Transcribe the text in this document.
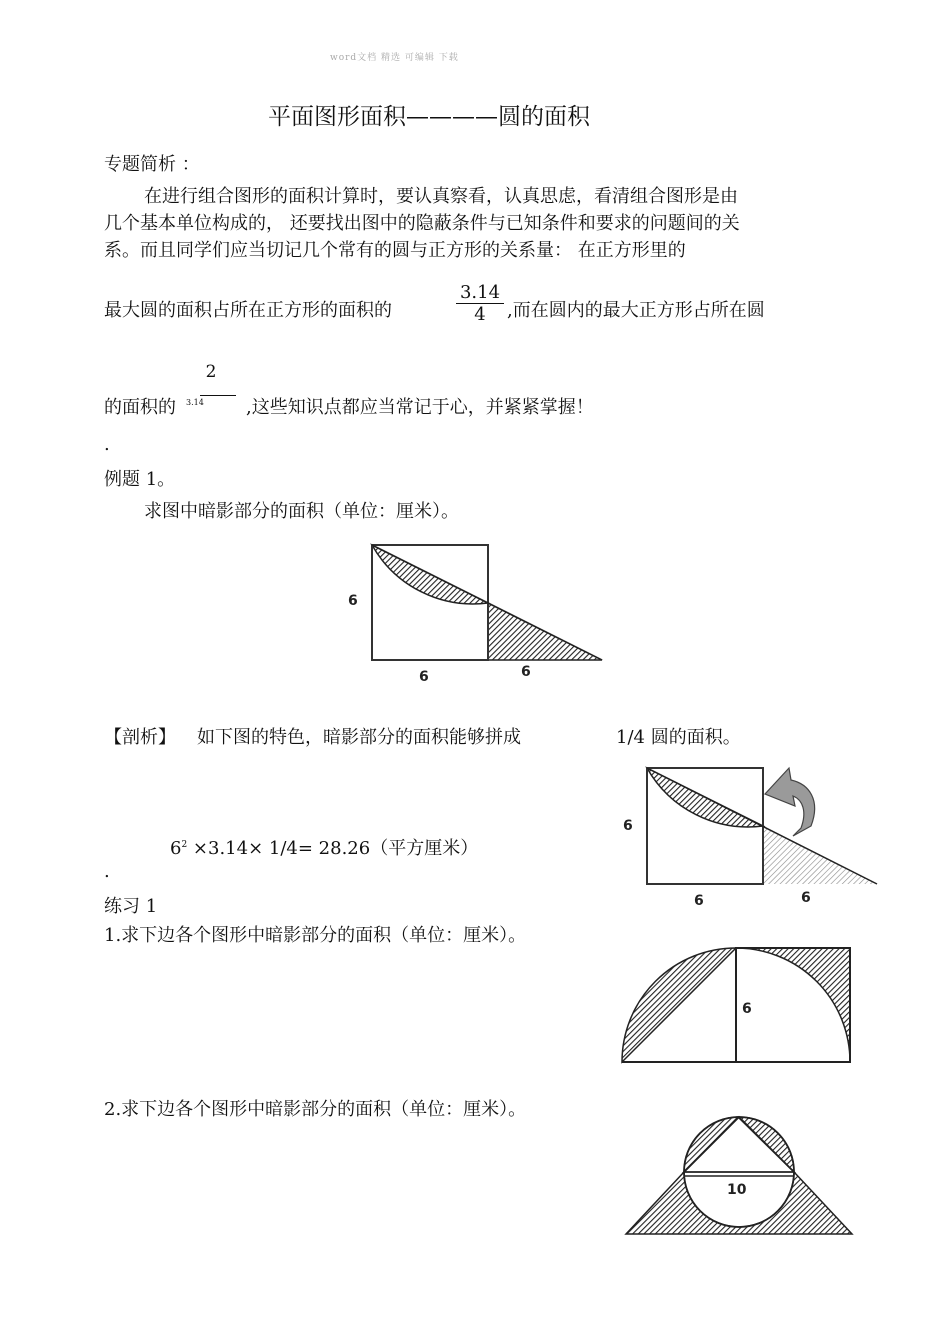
word文档 精选 可编辑 下载
平面图形面积————圆的面积
专题简析 ：
在进行组合图形的面积计算时，要认真察看，认真思虑，看清组合图形是由
几个基本单位构成的， 还要找出图中的隐蔽条件与已知条件和要求的问题间的关
系。而且同学们应当切记几个常有的圆与正方形的关系量： 在正方形里的
最大圆的面积占所在正方形的面积的
3.14
4	,而在圆内的最大正方形占所在圆
2
3.14
的面积的	,这些知识点都应当常记于心，并紧紧掌握！
.
例题 1。
求图中暗影部分的面积（单位：厘米）。
6
6	6
【剖析】 如下图的特色，暗影部分的面积能够拼成	1/4 圆的面积。
$6^2 \times 3.14\times 1/4= 28.26$（平方厘米）
.
6
6	6
练习 1
1.求下边各个图形中暗影部分的面积（单位：厘米）。
6
2.求下边各个图形中暗影部分的面积（单位：厘米）。
10
